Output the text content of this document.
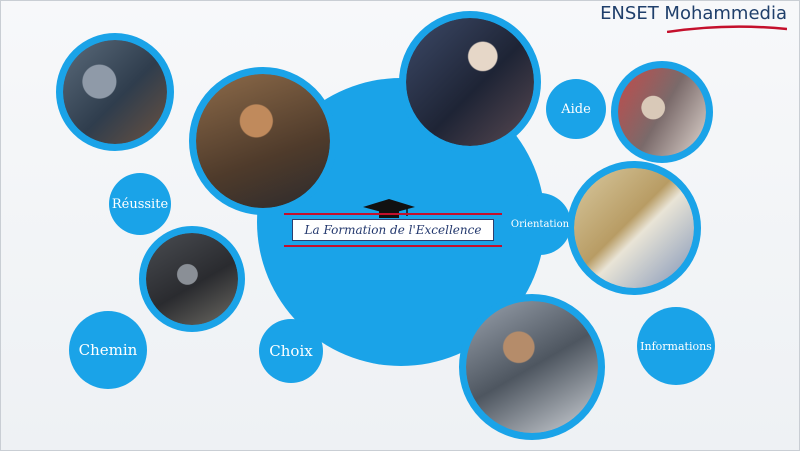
Réussite
Chemin	Choix
Aide
Orientation
Informations
La Formation de l'Excellence
ENSET Mohammedia
